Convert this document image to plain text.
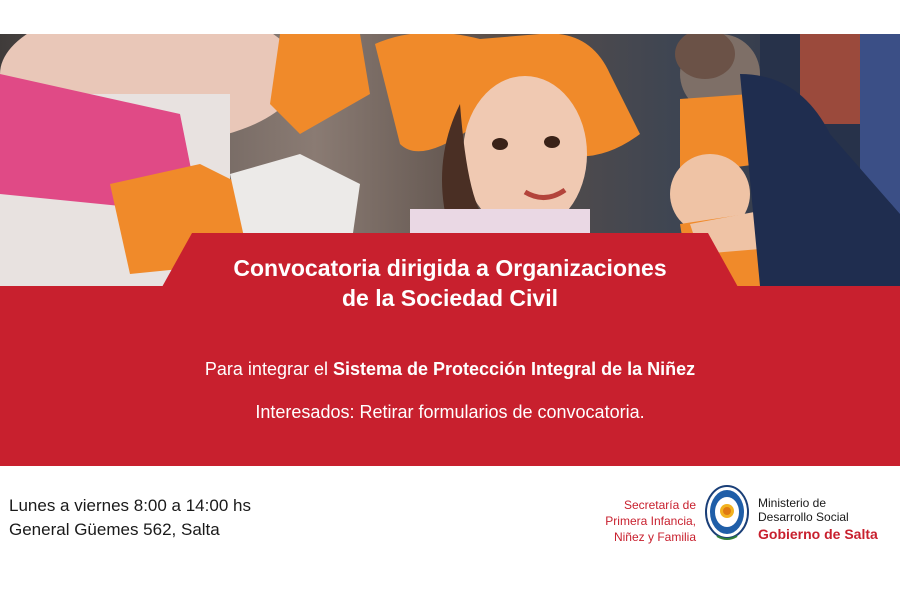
Convocatoria dirigida a Organizaciones
de la Sociedad Civil
Para integrar el Sistema de Protección Integral de la Niñez
Interesados: Retirar formularios de convocatoria.
Lunes a viernes 8:00 a 14:00 hs
General Güemes 562, Salta
Secretaría de
Primera Infancia,
Niñez y Familia
Ministerio de
Desarrollo Social
Gobierno de Salta
